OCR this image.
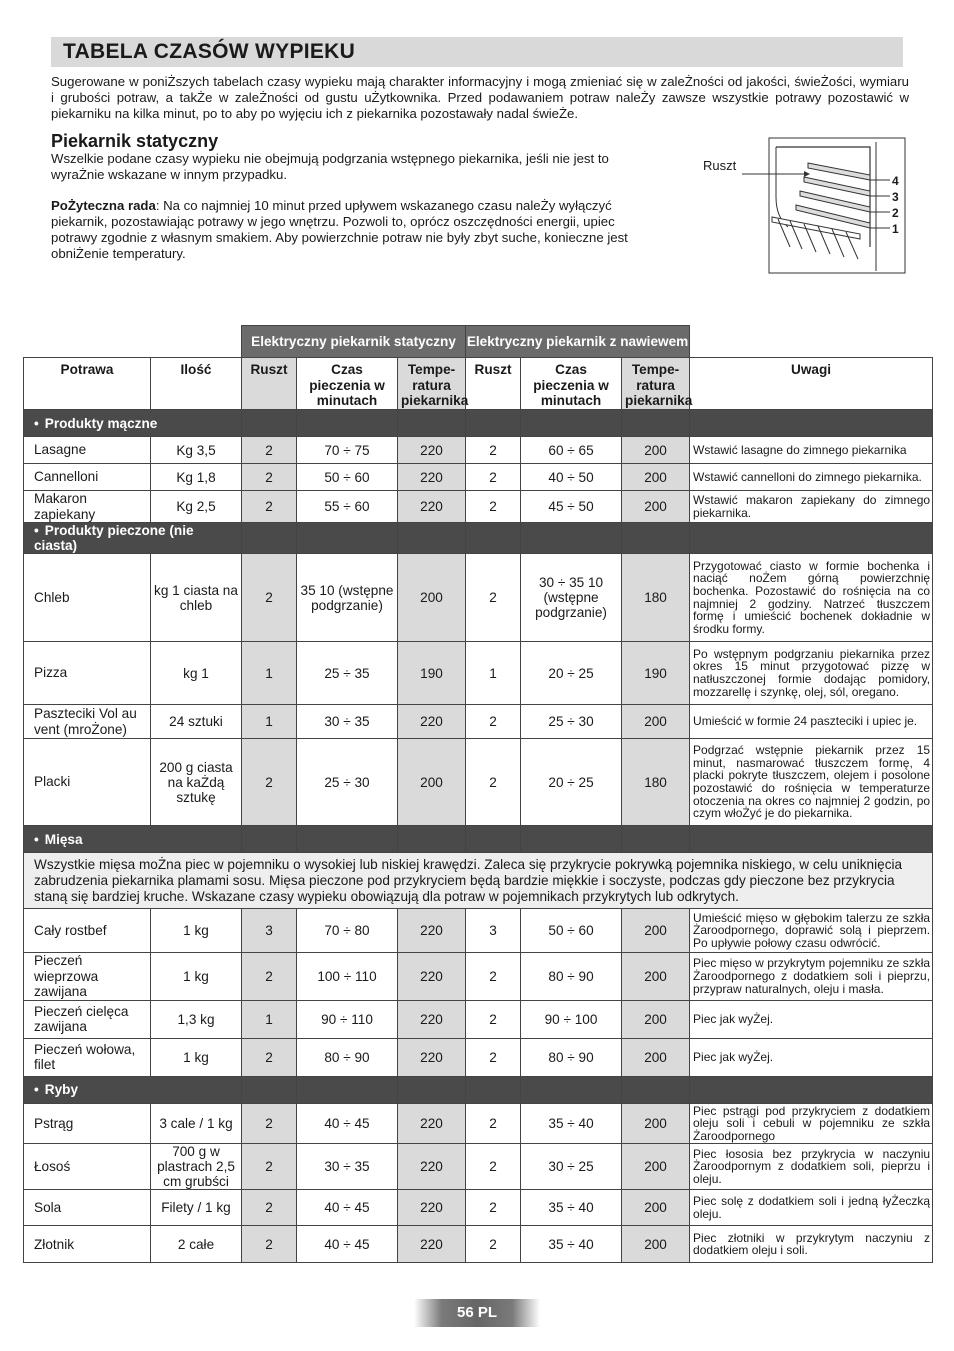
TABELA CZASÓW WYPIEKU
Sugerowane w poniŻszych tabelach czasy wypieku mają charakter informacyjny i mogą zmieniać się w zaleŻności od jakości, świeŻości, wymiaru i grubości potraw, a takŻe w zaleŻności od gustu uŻytkownika. Przed podawaniem potraw naleŻy zawsze wszystkie potrawy pozostawić w piekarniku na kilka minut, po to aby po wyjęciu ich z piekarnika pozostawały nadal świeŻe.
Piekarnik statyczny
Wszelkie podane czasy wypieku nie obejmują podgrzania wstępnego piekarnika, jeśli nie jest to wyraŻnie wskazane w innym przypadku.
PoŻyteczna rada: Na co najmniej 10 minut przed upływem wskazanego czasu naleŻy wyłączyć piekarnik, pozostawiając potrawy w jego wnętrzu. Pozwoli to, oprócz oszczędności energii, upiec potrawy zgodnie z własnym smakiem. Aby powierzchnie potraw nie były zbyt suche, konieczne jest obniŻenie temperatury.
Ruszt
4
3
2
1
		Elektryczny piekarnik statyczny			Elektryczny piekarnik z nawiewem			
Potrawa	Ilość	Ruszt	Czas pieczenia w minutach	Tempe-ratura piekarnika	Ruszt	Czas pieczenia w minutach	Tempe-ratura piekarnika	Uwagi
• Produkty mączne								
Lasagne	Kg 3,5	2	70 ÷ 75	220	2	60 ÷ 65	200	Wstawić lasagne do zimnego piekarnika
Cannelloni	Kg 1,8	2	50 ÷ 60	220	2	40 ÷ 50	200	Wstawić cannelloni do zimnego piekarnika.
Makaron zapiekany	Kg 2,5	2	55 ÷ 60	220	2	45 ÷ 50	200	Wstawić makaron zapiekany do zimnego piekarnika.
• Produkty pieczone (nie ciasta)								
Chleb	kg 1 ciasta na chleb	2	35 10 (wstępne podgrzanie)	200	2	30 ÷ 35 10 (wstępne podgrzanie)	180	Przygotować ciasto w formie bochenka i naciąć noŻem górną powierzchnię bochenka. Pozostawić do rośnięcia na co najmniej 2 godziny. Natrzeć tłuszczem formę i umieścić bochenek dokładnie w środku formy.
Pizza	kg 1	1	25 ÷ 35	190	1	20 ÷ 25	190	Po wstępnym podgrzaniu piekarnika przez okres 15 minut przygotować pizzę w natłuszczonej formie dodając pomidory, mozzarellę i szynkę, olej, sól, oregano.
Paszteciki Vol au vent (mroŻone)	24 sztuki	1	30 ÷ 35	220	2	25 ÷ 30	200	Umieścić w formie 24 paszteciki i upiec je.
Placki	200 g ciasta na kaŻdą sztukę	2	25 ÷ 30	200	2	20 ÷ 25	180	Podgrzać wstępnie piekarnik przez 15 minut, nasmarować tłuszczem formę, 4 placki pokryte tłuszczem, olejem i posolone pozostawić do rośnięcia w temperaturze otoczenia na okres co najmniej 2 godzin, po czym włoŻyć je do piekarnika.
• Mięsa								
Wszystkie mięsa moŻna piec w pojemniku o wysokiej lub niskiej krawędzi. Zaleca się przykrycie pokrywką pojemnika niskiego, w celu uniknięcia zabrudzenia piekarnika plamami sosu. Mięsa pieczone pod przykryciem będą bardzie miękkie i soczyste, podczas gdy pieczone bez przykrycia staną się bardziej kruche. Wskazane czasy wypieku obowiązują dla potraw w pojemnikach przykrytych lub odkrytych.								
Cały rostbef	1 kg	3	70 ÷ 80	220	3	50 ÷ 60	200	Umieścić mięso w głębokim talerzu ze szkła Żaroodpornego, doprawić solą i pieprzem. Po upływie połowy czasu odwrócić.
Pieczeń wieprzowa zawijana	1 kg	2	100 ÷ 110	220	2	80 ÷ 90	200	Piec mięso w przykrytym pojemniku ze szkła Żaroodpornego z dodatkiem soli i pieprzu, przypraw naturalnych, oleju i masła.
Pieczeń cielęca zawijana	1,3 kg	1	90 ÷ 110	220	2	90 ÷ 100	200	Piec jak wyŻej.
Pieczeń wołowa, filet	1 kg	2	80 ÷ 90	220	2	80 ÷ 90	200	Piec jak wyŻej.
• Ryby								
Pstrąg	3 cale / 1 kg	2	40 ÷ 45	220	2	35 ÷ 40	200	Piec pstrągi pod przykryciem z dodatkiem oleju soli i cebuli w pojemniku ze szkła Żaroodpornego
Łosoś	700 g w plastrach 2,5 cm grubści	2	30 ÷ 35	220	2	30 ÷ 25	200	Piec łososia bez przykrycia w naczyniu Żaroodpornym z dodatkiem soli, pieprzu i oleju.
Sola	Filety / 1 kg	2	40 ÷ 45	220	2	35 ÷ 40	200	Piec solę z dodatkiem soli i jedną łyŻeczką oleju.
Złotnik	2 całe	2	40 ÷ 45	220	2	35 ÷ 40	200	Piec złotniki w przykrytym naczyniu z dodatkiem oleju i soli.
56 PL
